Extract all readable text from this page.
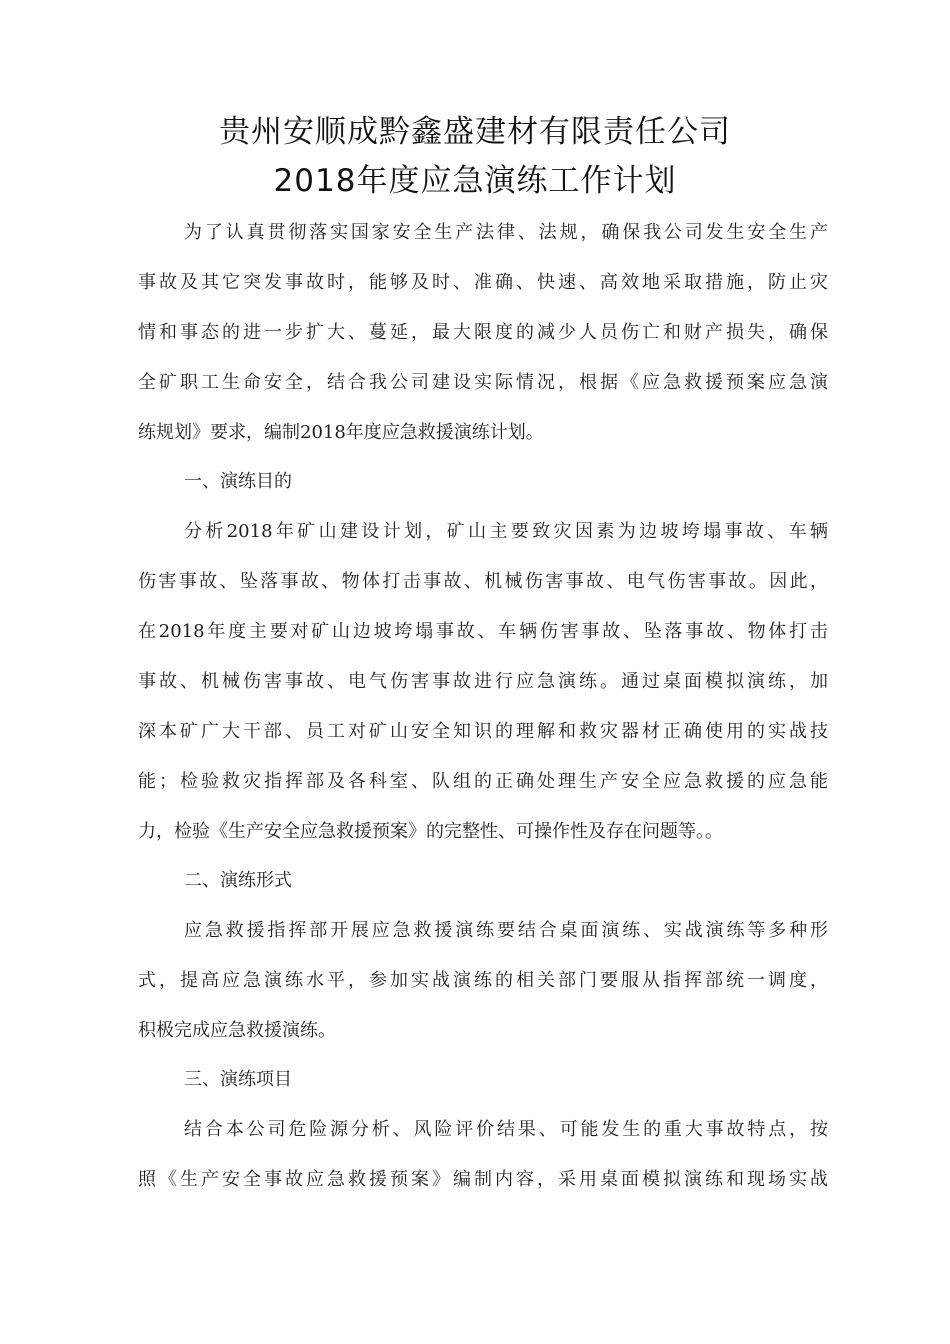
贵州安顺成黔鑫盛建材有限责任公司
2018年度应急演练工作计划
为了认真贯彻落实国家安全生产法律、法规，确保我公司发生安全生产
事故及其它突发事故时，能够及时、准确、快速、高效地采取措施，防止灾
情和事态的进一步扩大、蔓延，最大限度的减少人员伤亡和财产损失，确保
全矿职工生命安全，结合我公司建设实际情况，根据《应急救援预案应急演
练规划》要求，编制2018年度应急救援演练计划。
一、演练目的
分析2018年矿山建设计划，矿山主要致灾因素为边坡垮塌事故、车辆
伤害事故、坠落事故、物体打击事故、机械伤害事故、电气伤害事故。因此，
在2018年度主要对矿山边坡垮塌事故、车辆伤害事故、坠落事故、物体打击
事故、机械伤害事故、电气伤害事故进行应急演练。通过桌面模拟演练，加
深本矿广大干部、员工对矿山安全知识的理解和救灾器材正确使用的实战技
能；检验救灾指挥部及各科室、队组的正确处理生产安全应急救援的应急能
力，检验《生产安全应急救援预案》的完整性、可操作性及存在问题等。。
二、演练形式
应急救援指挥部开展应急救援演练要结合桌面演练、实战演练等多种形
式，提高应急演练水平，参加实战演练的相关部门要服从指挥部统一调度，
积极完成应急救援演练。
三、演练项目
结合本公司危险源分析、风险评价结果、可能发生的重大事故特点，按
照《生产安全事故应急救援预案》编制内容，采用桌面模拟演练和现场实战
